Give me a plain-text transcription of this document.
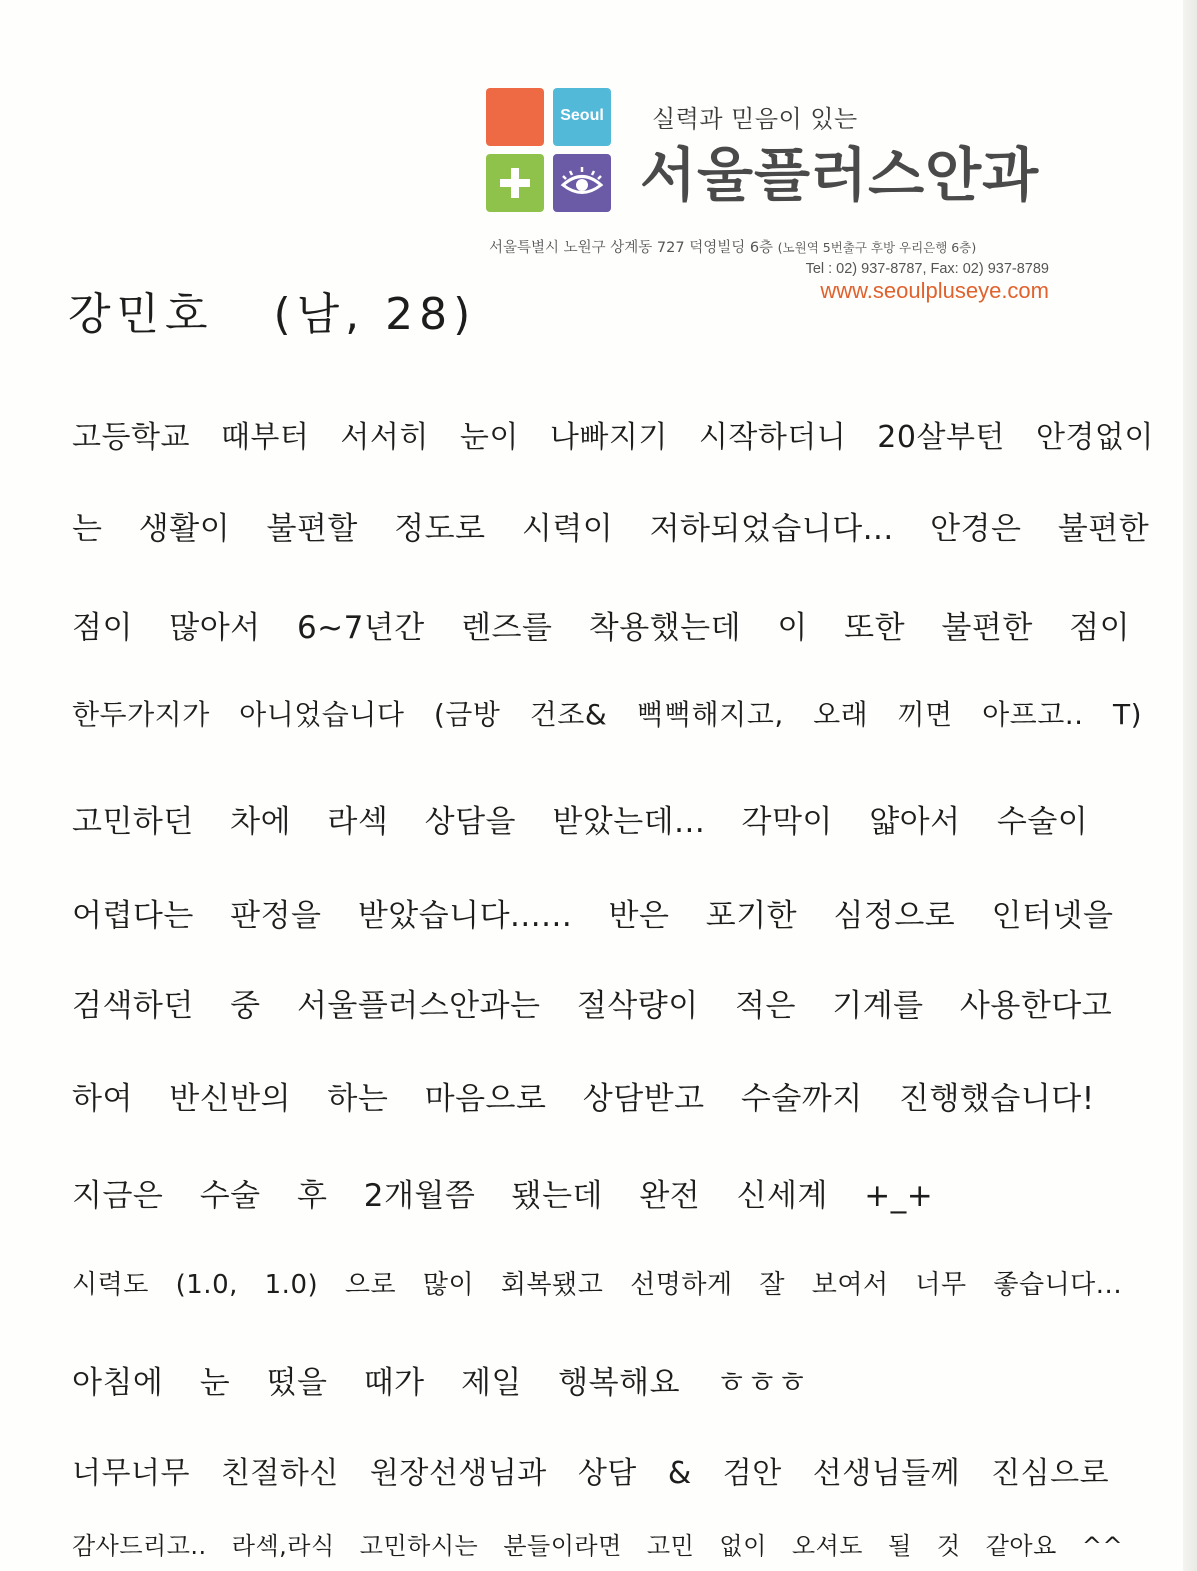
Seoul	실력과 믿음이 있는
서울플러스안과
서울특별시 노원구 상계동 727 덕영빌딩 6층 (노원역 5번출구 후방 우리은행 6층)
Tel : 02) 937-8787, Fax: 02) 937-8789
www.seoulpluseye.com
강민호 (남, 28)
고등학교 때부터 서서히 눈이 나빠지기 시작하더니 20살부턴 안경없이
는 생활이 불편할 정도로 시력이 저하되었습니다... 안경은 불편한
점이 많아서 6~7년간 렌즈를 착용했는데 이 또한 불편한 점이
한두가지가 아니었습니다 (금방 건조& 뻑뻑해지고, 오래 끼면 아프고.. T)
고민하던 차에 라섹 상담을 받았는데... 각막이 얇아서 수술이
어렵다는 판정을 받았습니다...... 반은 포기한 심정으로 인터넷을
검색하던 중 서울플러스안과는 절삭량이 적은 기계를 사용한다고
하여 반신반의 하는 마음으로 상담받고 수술까지 진행했습니다!
지금은 수술 후 2개월쯤 됐는데 완전 신세계 +_+
시력도 (1.0, 1.0) 으로 많이 회복됐고 선명하게 잘 보여서 너무 좋습니다...
아침에 눈 떴을 때가 제일 행복해요 ㅎㅎㅎ
너무너무 친절하신 원장선생님과 상담 & 검안 선생님들께 진심으로
감사드리고.. 라섹,라식 고민하시는 분들이라면 고민 없이 오셔도 될 것 같아요 ^^
